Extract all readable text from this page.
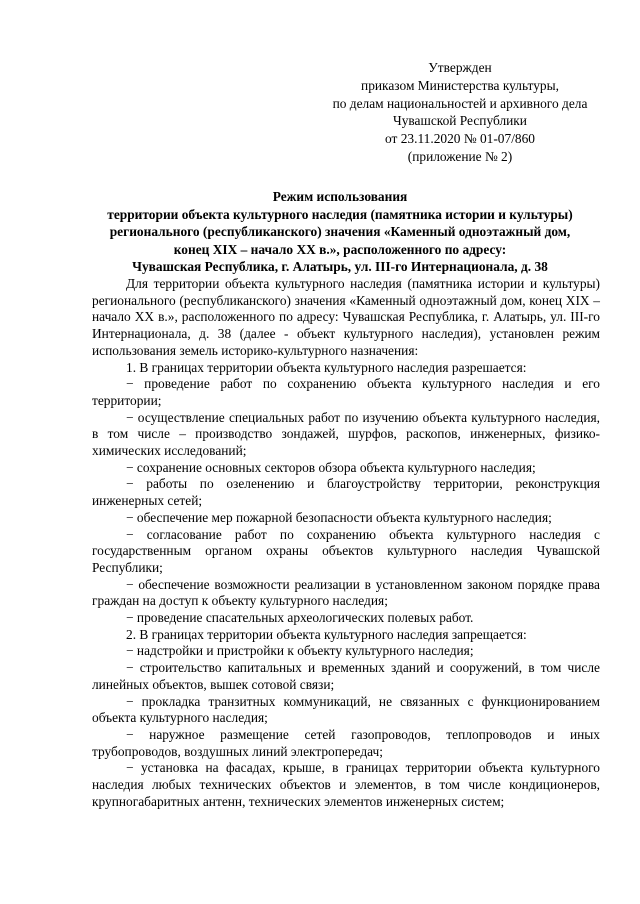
Утвержден
приказом Министерства культуры,
по делам национальностей и архивного дела
Чувашской Республики
от 23.11.2020 № 01-07/860
(приложение № 2)
Режим использования
территории объекта культурного наследия (памятника истории и культуры)
регионального (республиканского) значения «Каменный одноэтажный дом,
конец XIX – начало XX в.», расположенного по адресу:
Чувашская Республика, г. Алатырь, ул. III-го Интернационала, д. 38

Для территории объекта культурного наследия (памятника истории и культуры) регионального (республиканского) значения «Каменный одноэтажный дом, конец XIX – начало XX в.», расположенного по адресу: Чувашская Республика, г. Алатырь, ул. III-го Интернационала, д. 38 (далее - объект культурного наследия), установлен режим использования земель историко-культурного назначения:

1. В границах территории объекта культурного наследия разрешается:

− проведение работ по сохранению объекта культурного наследия и его территории;

− осуществление специальных работ по изучению объекта культурного наследия, в том числе – производство зондажей, шурфов, раскопов, инженерных, физико-химических исследований;

− сохранение основных секторов обзора объекта культурного наследия;

− работы по озеленению и благоустройству территории, реконструкция инженерных сетей;

− обеспечение мер пожарной безопасности объекта культурного наследия;

− согласование работ по сохранению объекта культурного наследия с государственным органом охраны объектов культурного наследия Чувашской Республики;

− обеспечение возможности реализации в установленном законом порядке права граждан на доступ к объекту культурного наследия;

− проведение спасательных археологических полевых работ.

2. В границах территории объекта культурного наследия запрещается:

− надстройки и пристройки к объекту культурного наследия;

− строительство капитальных и временных зданий и сооружений, в том числе линейных объектов, вышек сотовой связи;

− прокладка транзитных коммуникаций, не связанных с функционированием объекта культурного наследия;

− наружное размещение сетей газопроводов, теплопроводов и иных трубопроводов, воздушных линий электропередач;

− установка на фасадах, крыше, в границах территории объекта культурного наследия любых технических объектов и элементов, в том числе кондиционеров, крупногабаритных антенн, технических элементов инженерных систем;
